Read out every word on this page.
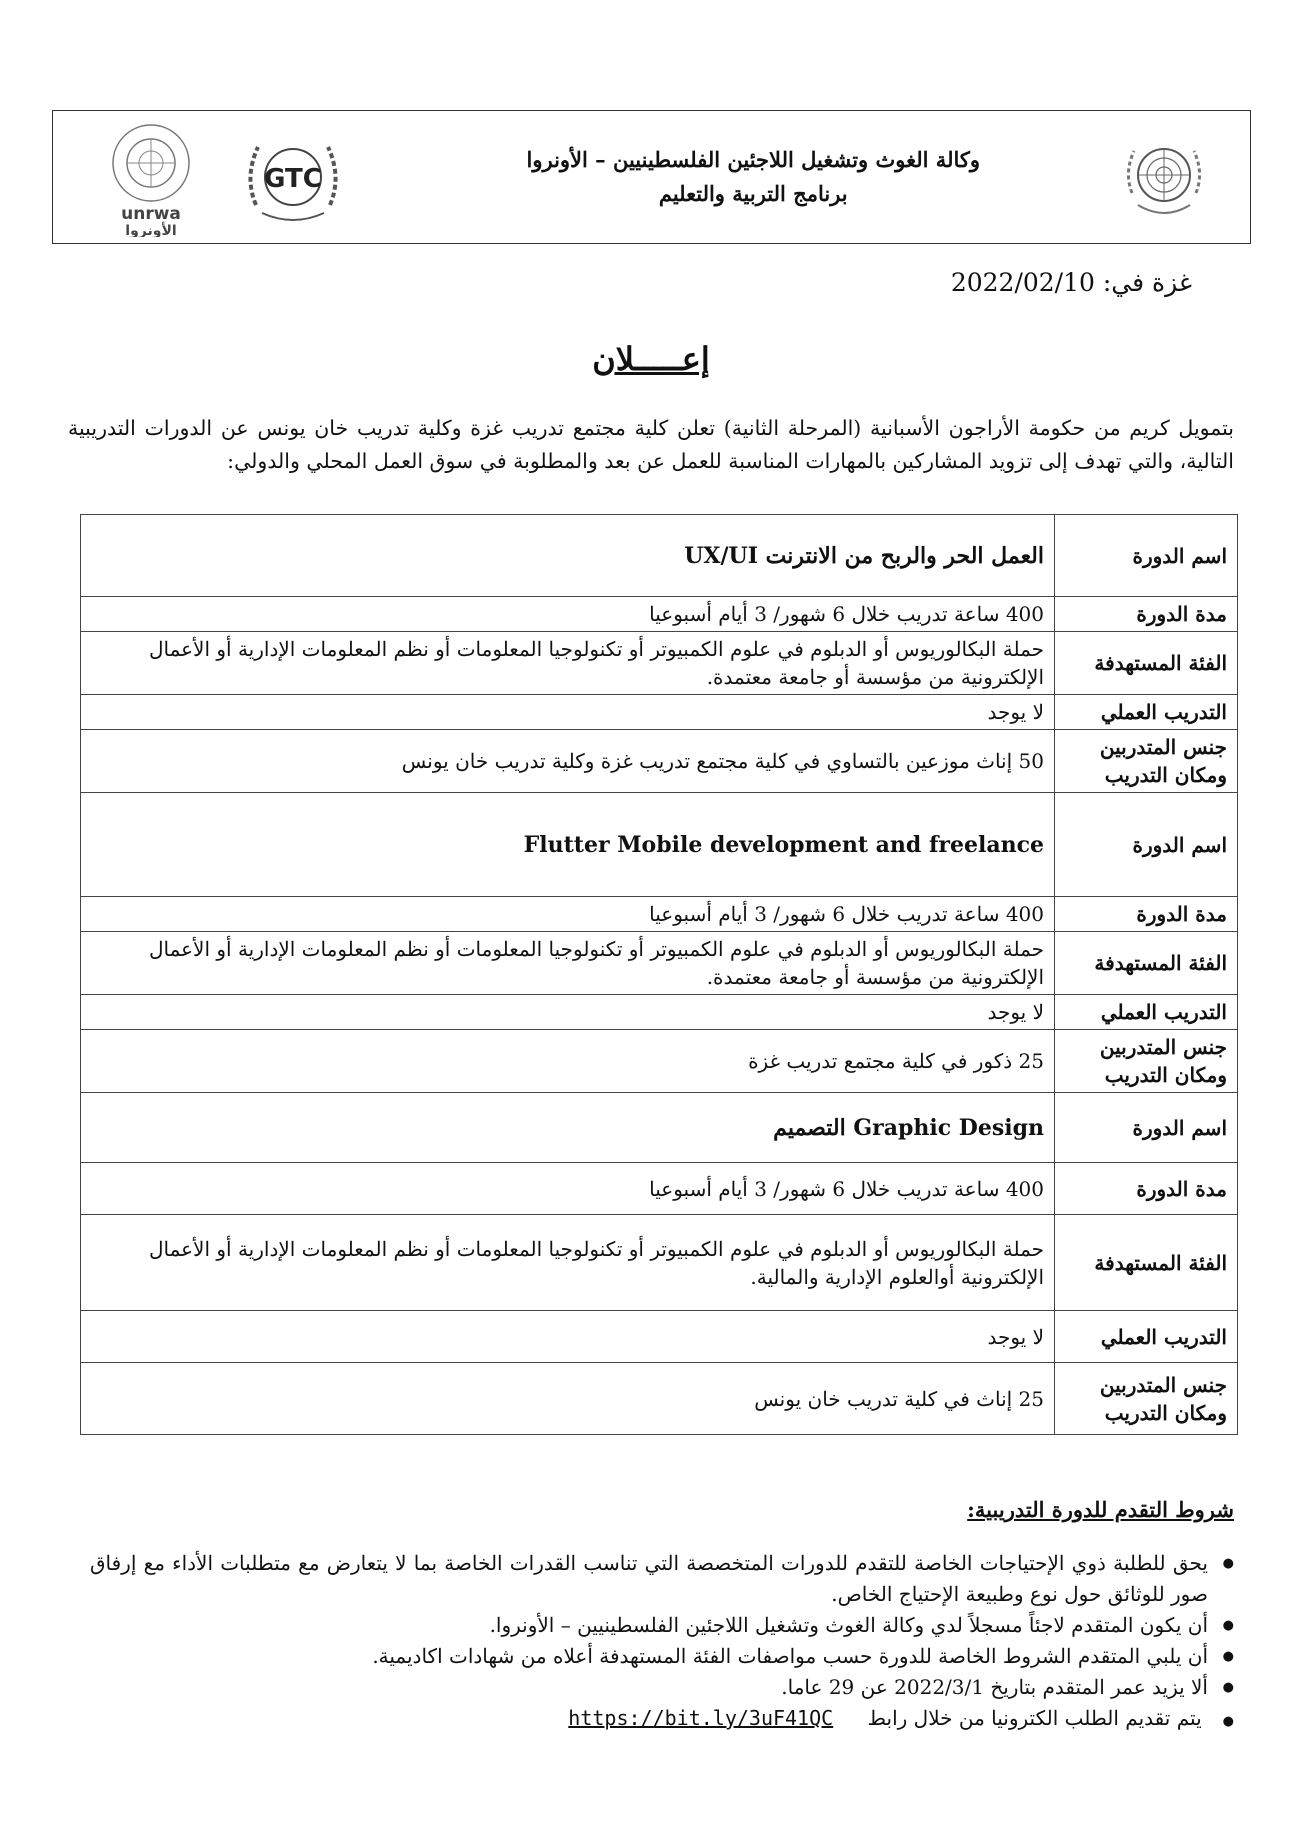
وكالة الغوث وتشغيل اللاجئين الفلسطينيين – الأونروا
برنامج التربية والتعليم
GTC
unrwa
الأونروا
غزة في: 2022/02/10
إعـــــلان
بتمويل كريم من حكومة الأراجون الأسبانية (المرحلة الثانية) تعلن كلية مجتمع تدريب غزة وكلية تدريب خان يونس عن الدورات التدريبية التالية، والتي تهدف إلى تزويد المشاركين بالمهارات المناسبة للعمل عن بعد والمطلوبة في سوق العمل المحلي والدولي:
اسم الدورة	العمل الحر والربح من الانترنت UX/UI
مدة الدورة	400 ساعة تدريب خلال 6 شهور/ 3 أيام أسبوعيا
الفئة المستهدفة	حملة البكالوريوس أو الدبلوم في علوم الكمبيوتر أو تكنولوجيا المعلومات أو نظم المعلومات الإدارية أو الأعمال الإلكترونية من مؤسسة أو جامعة معتمدة.
التدريب العملي	لا يوجد
جنس المتدربين ومكان التدريب	50 إناث موزعين بالتساوي في كلية مجتمع تدريب غزة وكلية تدريب خان يونس
اسم الدورة	Flutter Mobile development and freelance
مدة الدورة	400 ساعة تدريب خلال 6 شهور/ 3 أيام أسبوعيا
الفئة المستهدفة	حملة البكالوريوس أو الدبلوم في علوم الكمبيوتر أو تكنولوجيا المعلومات أو نظم المعلومات الإدارية أو الأعمال الإلكترونية من مؤسسة أو جامعة معتمدة.
التدريب العملي	لا يوجد
جنس المتدربين ومكان التدريب	25 ذكور في كلية مجتمع تدريب غزة
اسم الدورة	Graphic Design التصميم
مدة الدورة	400 ساعة تدريب خلال 6 شهور/ 3 أيام أسبوعيا
الفئة المستهدفة	حملة البكالوريوس أو الدبلوم في علوم الكمبيوتر أو تكنولوجيا المعلومات أو نظم المعلومات الإدارية أو الأعمال الإلكترونية أوالعلوم الإدارية والمالية.
التدريب العملي	لا يوجد
جنس المتدربين ومكان التدريب	25 إناث في كلية تدريب خان يونس
شروط التقدم للدورة التدريبية:
● يحق للطلبة ذوي الإحتياجات الخاصة للتقدم للدورات المتخصصة التي تناسب القدرات الخاصة بما لا يتعارض مع متطلبات الأداء مع إرفاق صور للوثائق حول نوع وطبيعة الإحتياج الخاص.
● أن يكون المتقدم لاجئاً مسجلاً لدي وكالة الغوث وتشغيل اللاجئين الفلسطينيين – الأونروا.
● أن يلبي المتقدم الشروط الخاصة للدورة حسب مواصفات الفئة المستهدفة أعلاه من شهادات اكاديمية.
● ألا يزيد عمر المتقدم بتاريخ 2022/3/1 عن 29 عاما.
● يتم تقديم الطلب الكترونيا من خلال رابط https://bit.ly/3uF41QC
